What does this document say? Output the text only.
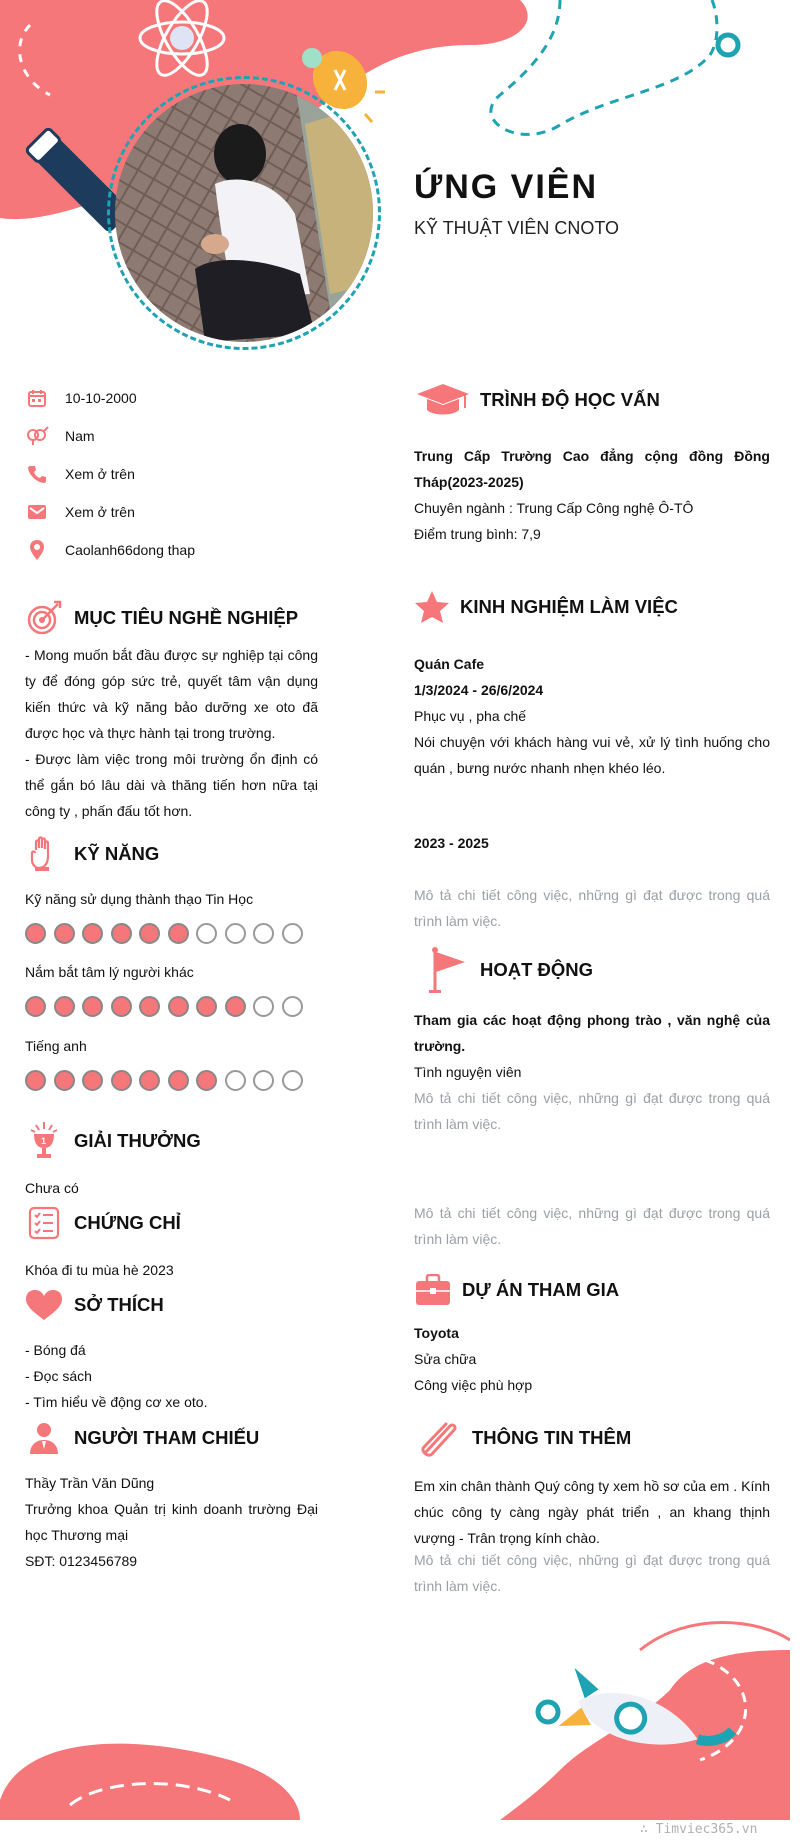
ỨNG VIÊN
KỸ THUẬT VIÊN CNOTO
10-10-2000
Nam
Xem ở trên
Xem ở trên
Caolanh66dong thap
MỤC TIÊU NGHỀ NGHIỆP
- Mong muốn bắt đầu được sự nghiệp tại công ty để đóng góp sức trẻ, quyết tâm vận dụng kiến thức và kỹ năng bảo dưỡng xe oto đã được học và thực hành tại trong trường.
- Được làm việc trong môi trường ổn định có thể gắn bó lâu dài và thăng tiến hơn nữa tại công ty , phấn đấu tốt hơn.
KỸ NĂNG
Kỹ năng sử dụng thành thạo Tin Học
Nắm bắt tâm lý người khác
Tiếng anh
1 GIẢI THƯỞNG
Chưa có
CHỨNG CHỈ
Khóa đi tu mùa hè 2023
SỞ THÍCH
- Bóng đá
- Đọc sách
- Tìm hiểu về động cơ xe oto.
NGƯỜI THAM CHIẾU
Thầy Trần Văn Dũng
Trưởng khoa Quản trị kinh doanh trường Đại học Thương mại
SĐT: 0123456789
TRÌNH ĐỘ HỌC VẤN
Trung Cấp Trường Cao đẳng cộng đồng Đồng Tháp(2023-2025)
Chuyên ngành : Trung Cấp Công nghệ Ô-TÔ
Điểm trung bình: 7,9
KINH NGHIỆM LÀM VIỆC
Quán Cafe
1/3/2024 - 26/6/2024
Phục vụ , pha chế
Nói chuyện với khách hàng vui vẻ, xử lý tình huống cho quán , bưng nước nhanh nhẹn khéo léo.
2023 - 2025
Mô tả chi tiết công việc, những gì đạt được trong quá trình làm việc.
HOẠT ĐỘNG
Tham gia các hoạt động phong trào , văn nghệ của trường.
Tình nguyện viên
Mô tả chi tiết công việc, những gì đạt được trong quá trình làm việc.
Mô tả chi tiết công việc, những gì đạt được trong quá trình làm việc.
DỰ ÁN THAM GIA
Toyota
Sửa chữa
Công việc phù hợp
THÔNG TIN THÊM
Em xin chân thành Quý công ty xem hồ sơ của em . Kính chúc công ty càng ngày phát triển , an khang thịnh vượng - Trân trọng kính chào.
Mô tả chi tiết công việc, những gì đạt được trong quá trình làm việc.
∴ Timviec365.vn
